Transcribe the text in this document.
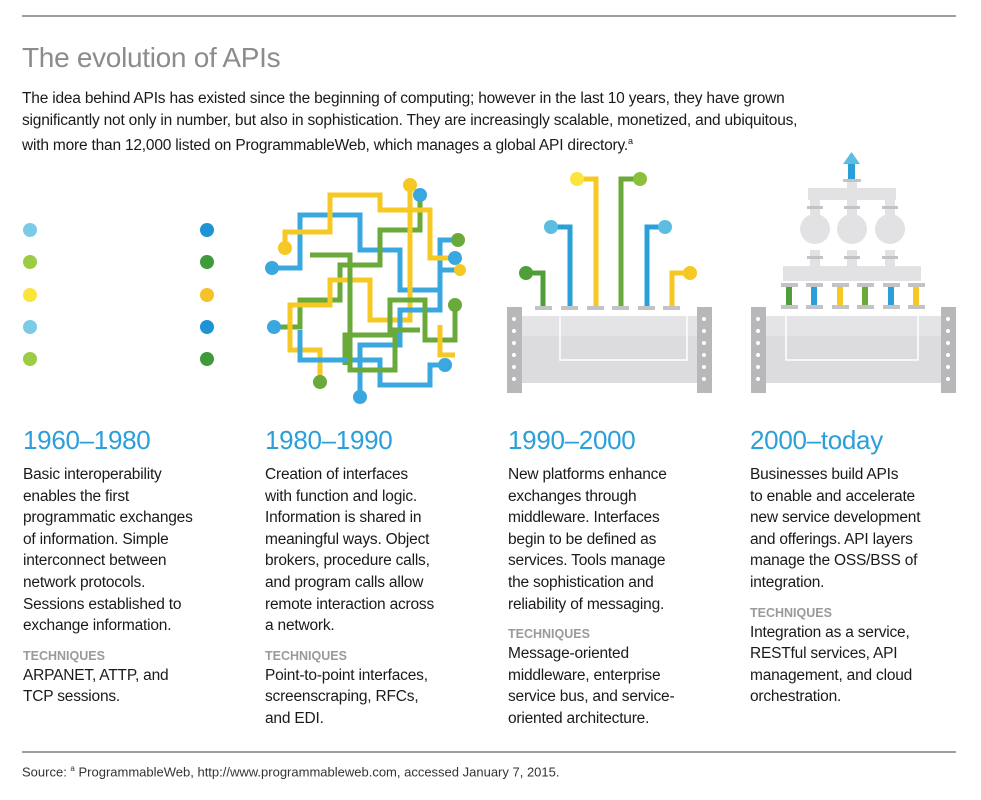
The evolution of APIs
The idea behind APIs has existed since the beginning of computing; however in the last 10 years, they have grown
significantly not only in number, but also in sophistication. They are increasingly scalable, monetized, and ubiquitous,
with more than 12,000 listed on ProgrammableWeb, which manages a global API directory.$^a$
1960–1980
Basic interoperability
enables the first
programmatic exchanges
of information. Simple
interconnect between
network protocols.
Sessions established to
exchange information.
TECHNIQUES
ARPANET, ATTP, and
TCP sessions.
1980–1990
Creation of interfaces
with function and logic.
Information is shared in
meaningful ways. Object
brokers, procedure calls,
and program calls allow
remote interaction across
a network.
TECHNIQUES
Point-to-point interfaces,
screenscraping, RFCs,
and EDI.
1990–2000
New platforms enhance
exchanges through
middleware. Interfaces
begin to be defined as
services. Tools manage
the sophistication and
reliability of messaging.
TECHNIQUES
Message-oriented
middleware, enterprise
service bus, and service-
oriented architecture.
2000–today
Businesses build APIs
to enable and accelerate
new service development
and offerings. API layers
manage the OSS/BSS of
integration.
TECHNIQUES
Integration as a service,
RESTful services, API
management, and cloud
orchestration.
Source: $^a$ ProgrammableWeb, http://www.programmableweb.com, accessed January 7, 2015.
